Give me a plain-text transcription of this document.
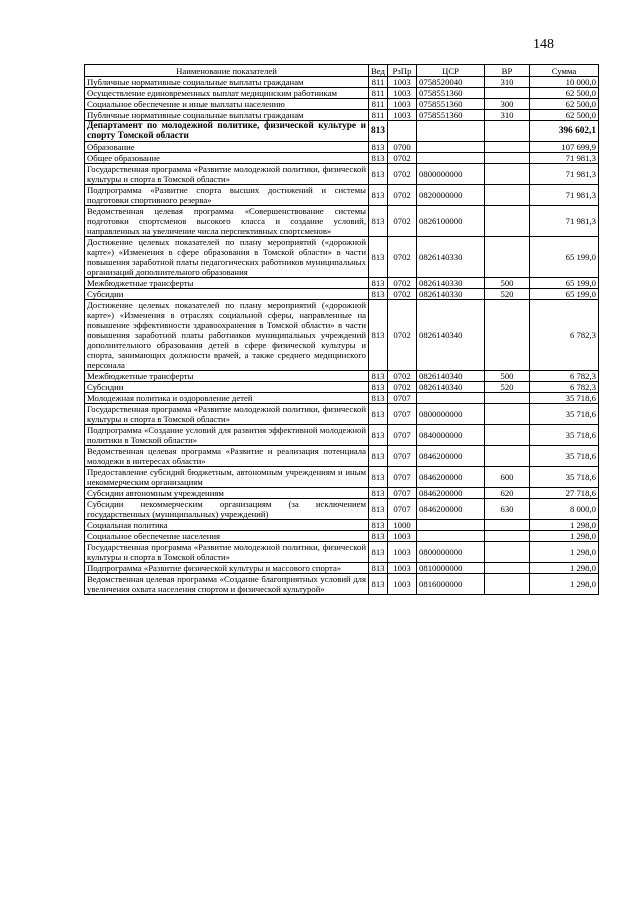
148
Наименование показателей	Вед	РзПр	ЦСР	ВР	Сумма
Публичные нормативные социальные выплаты гражданам	811	1003	0758520040	310	10 000,0
Осуществление единовременных выплат медицинским работникам	811	1003	0758551360		62 500,0
Социальное обеспечение и иные выплаты населению	811	1003	0758551360	300	62 500,0
Публичные нормативные социальные выплаты гражданам	811	1003	0758551360	310	62 500,0
Департамент по молодежной политике, физической культуре и спорту Томской области	813				396 602,1
Образование	813	0700			107 699,9
Общее образование	813	0702			71 981,3
Государственная программа «Развитие молодежной политики, физической культуры и спорта в Томской области»	813	0702	0800000000		71 981,3
Подпрограмма «Развитие спорта высших достижений и системы подготовки спортивного резерва»	813	0702	0820000000		71 981,3
Ведомственная целевая программа «Совершенствование системы подготовки спортсменов высокого класса и создание условий, направленных на увеличение числа перспективных спортсменов»	813	0702	0826100000		71 981,3
Достижение целевых показателей по плану мероприятий («дорожной карте») «Изменения в сфере образования в Томской области» в части повышения заработной платы педагогических работников муниципальных организаций дополнительного образования	813	0702	0826140330		65 199,0
Межбюджетные трансферты	813	0702	0826140330	500	65 199,0
Субсидии	813	0702	0826140330	520	65 199,0
Достижение целевых показателей по плану мероприятий («дорожной карте») «Изменения в отраслях социальной сферы, направленные на повышение эффективности здравоохранения в Томской области» в части повышения заработной платы работников муниципальных учреждений дополнительного образования детей в сфере физической культуры и спорта, занимающих должности врачей, а также среднего медицинского персонала	813	0702	0826140340		6 782,3
Межбюджетные трансферты	813	0702	0826140340	500	6 782,3
Субсидии	813	0702	0826140340	520	6 782,3
Молодежная политика и оздоровление детей	813	0707			35 718,6
Государственная программа «Развитие молодежной политики, физической культуры и спорта в Томской области»	813	0707	0800000000		35 718,6
Подпрограмма «Создание условий для развития эффективной молодежной политики в Томской области»	813	0707	0840000000		35 718,6
Ведомственная целевая программа «Развитие и реализация потенциала молодежи в интересах области»	813	0707	0846200000		35 718,6
Предоставление субсидий бюджетным, автономным учреждениям и иным некоммерческим организациям	813	0707	0846200000	600	35 718,6
Субсидии автономным учреждениям	813	0707	0846200000	620	27 718,6
Субсидии некоммерческим организациям (за исключением государственных (муниципальных) учреждений)	813	0707	0846200000	630	8 000,0
Социальная политика	813	1000			1 298,0
Социальное обеспечение населения	813	1003			1 298,0
Государственная программа «Развитие молодежной политики, физической культуры и спорта в Томской области»	813	1003	0800000000		1 298,0
Подпрограмма «Развитие физической культуры и массового спорта»	813	1003	0810000000		1 298,0
Ведомственная целевая программа «Создание благоприятных условий для увеличения охвата населения спортом и физической культурой»	813	1003	0816000000		1 298,0
